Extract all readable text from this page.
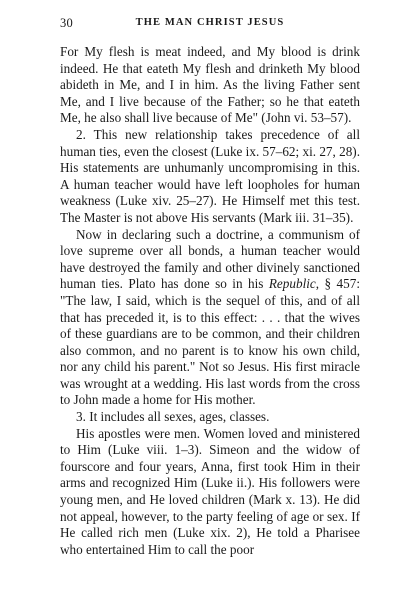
30	THE MAN CHRIST JESUS

For My flesh is meat indeed, and My blood is drink indeed. He that eateth My flesh and drinketh My blood abideth in Me, and I in him. As the living Father sent Me, and I live because of the Father; so he that eateth Me, he also shall live because of Me" (John vi. 53–57).

2. This new relationship takes precedence of all human ties, even the closest (Luke ix. 57–62; xi. 27, 28). His statements are unhumanly uncompromising in this. A human teacher would have left loopholes for human weakness (Luke xiv. 25–27). He Himself met this test. The Master is not above His servants (Mark iii. 31–35).

Now in declaring such a doctrine, a communism of love supreme over all bonds, a human teacher would have destroyed the family and other divinely sanctioned human ties. Plato has done so in his Republic, § 457: "The law, I said, which is the sequel of this, and of all that has preceded it, is to this effect: . . . that the wives of these guardians are to be common, and their children also common, and no parent is to know his own child, nor any child his parent." Not so Jesus. His first miracle was wrought at a wedding. His last words from the cross to John made a home for His mother.

3. It includes all sexes, ages, classes.

His apostles were men. Women loved and ministered to Him (Luke viii. 1–3). Simeon and the widow of fourscore and four years, Anna, first took Him in their arms and recognized Him (Luke ii.). His followers were young men, and He loved children (Mark x. 13). He did not appeal, however, to the party feeling of age or sex. If He called rich men (Luke xix. 2), He told a Pharisee who entertained Him to call the poor
